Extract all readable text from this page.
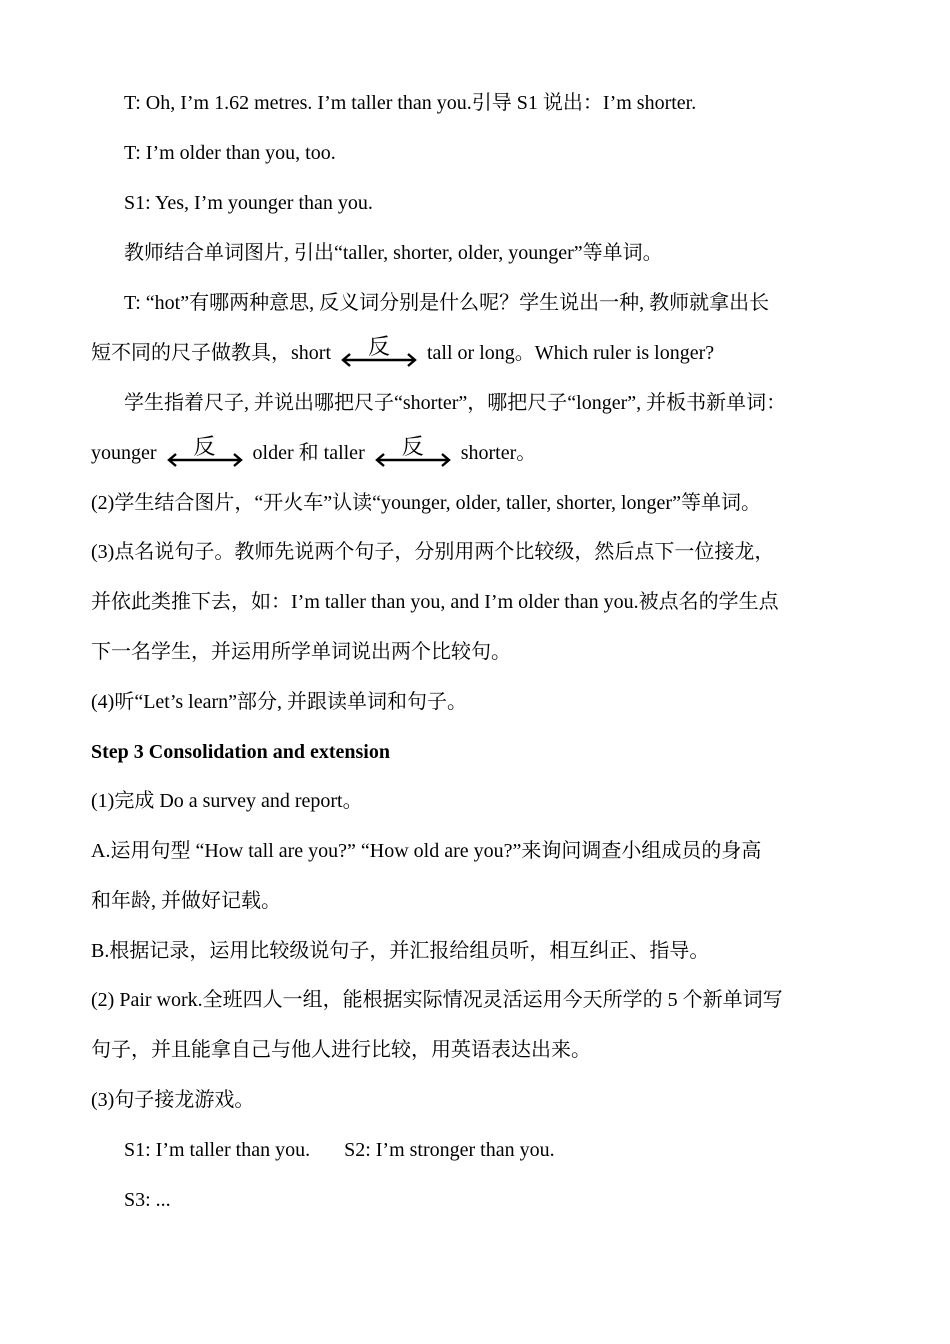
T: Oh, I’m 1.62 metres. I’m taller than you.引导 S1 说出：I’m shorter.
T: I’m older than you, too.
S1: Yes, I’m younger than you.
教师结合单词图片, 引出“taller, shorter, older, younger”等单词。
T: “hot”有哪两种意思, 反义词分别是什么呢？学生说出一种, 教师就拿出长
短不同的尺子做教具，short	反	tall or long。Which ruler is longer?
学生指着尺子, 并说出哪把尺子“shorter”，哪把尺子“longer”, 并板书新单词：
younger	反	older 和 taller	反	shorter。
(2)学生结合图片，“开火车”认读“younger, older, taller, shorter, longer”等单词。
(3)点名说句子。教师先说两个句子，分别用两个比较级，然后点下一位接龙，
并依此类推下去，如：I’m taller than you, and I’m older than you.被点名的学生点
下一名学生，并运用所学单词说出两个比较句。
(4)听“Let’s learn”部分, 并跟读单词和句子。
Step 3 Consolidation and extension
(1)完成 Do a survey and report。
A.运用句型 “How tall are you?” “How old are you?”来询问调查小组成员的身高
和年龄, 并做好记载。
B.根据记录，运用比较级说句子，并汇报给组员听，相互纠正、指导。
(2) Pair work.全班四人一组，能根据实际情况灵活运用今天所学的 5 个新单词写
句子，并且能拿自己与他人进行比较，用英语表达出来。
(3)句子接龙游戏。
S1: I’m taller than you. S2: I’m stronger than you.
S3: ...
